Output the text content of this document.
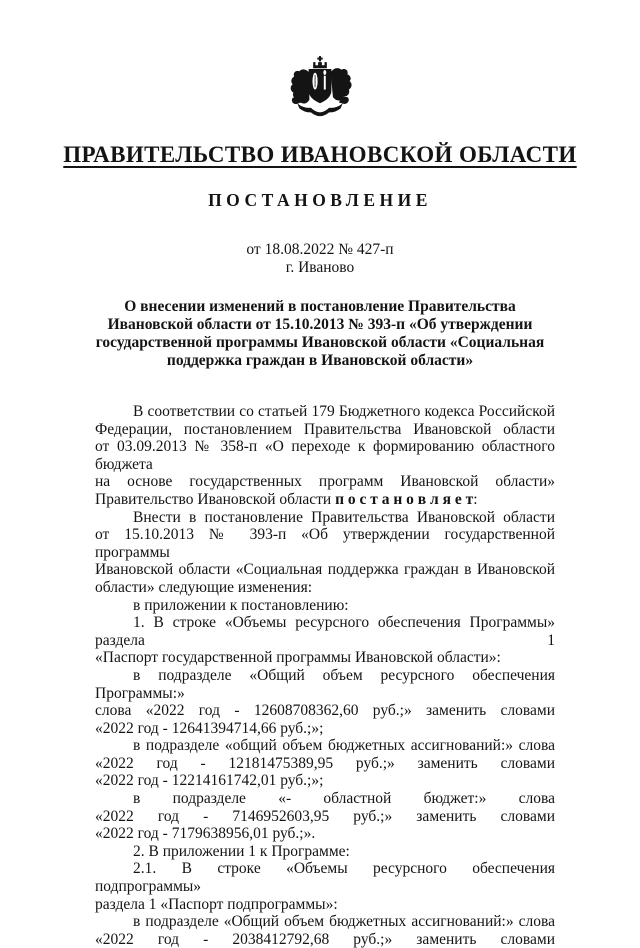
ПРАВИТЕЛЬСТВО ИВАНОВСКОЙ ОБЛАСТИ
ПОСТАНОВЛЕНИЕ
от 18.08.2022 № 427-п
г. Иваново
О внесении изменений в постановление Правительства
Ивановской области от 15.10.2013 № 393-п «Об утверждении
государственной программы Ивановской области «Социальная
поддержка граждан в Ивановской области»
В соответствии со статьей 179 Бюджетного кодекса Российской
Федерации, постановлением Правительства Ивановской области
от 03.09.2013 № 358-п «О переходе к формированию областного бюджета
на основе государственных программ Ивановской области»
Правительство Ивановской области п о с т а н о в л я е т:
Внести в постановление Правительства Ивановской области
от 15.10.2013 № 393-п «Об утверждении государственной программы
Ивановской области «Социальная поддержка граждан в Ивановской
области» следующие изменения:
в приложении к постановлению:
1. В строке «Объемы ресурсного обеспечения Программы» раздела 1
«Паспорт государственной программы Ивановской области»:
в подразделе «Общий объем ресурсного обеспечения Программы:»
слова «2022 год - 12608708362,60 руб.;» заменить словами
«2022 год - 12641394714,66 руб.;»;
в подразделе «общий объем бюджетных ассигнований:» слова
«2022 год - 12181475389,95 руб.;» заменить словами
«2022 год - 12214161742,01 руб.;»;
в подразделе «- областной бюджет:» слова
«2022 год - 7146952603,95 руб.;» заменить словами
«2022 год - 7179638956,01 руб.;».
2. В приложении 1 к Программе:
2.1. В строке «Объемы ресурсного обеспечения подпрограммы»
раздела 1 «Паспорт подпрограммы»:
в подразделе «Общий объем бюджетных ассигнований:» слова
«2022 год - 2038412792,68 руб.;» заменить словами
